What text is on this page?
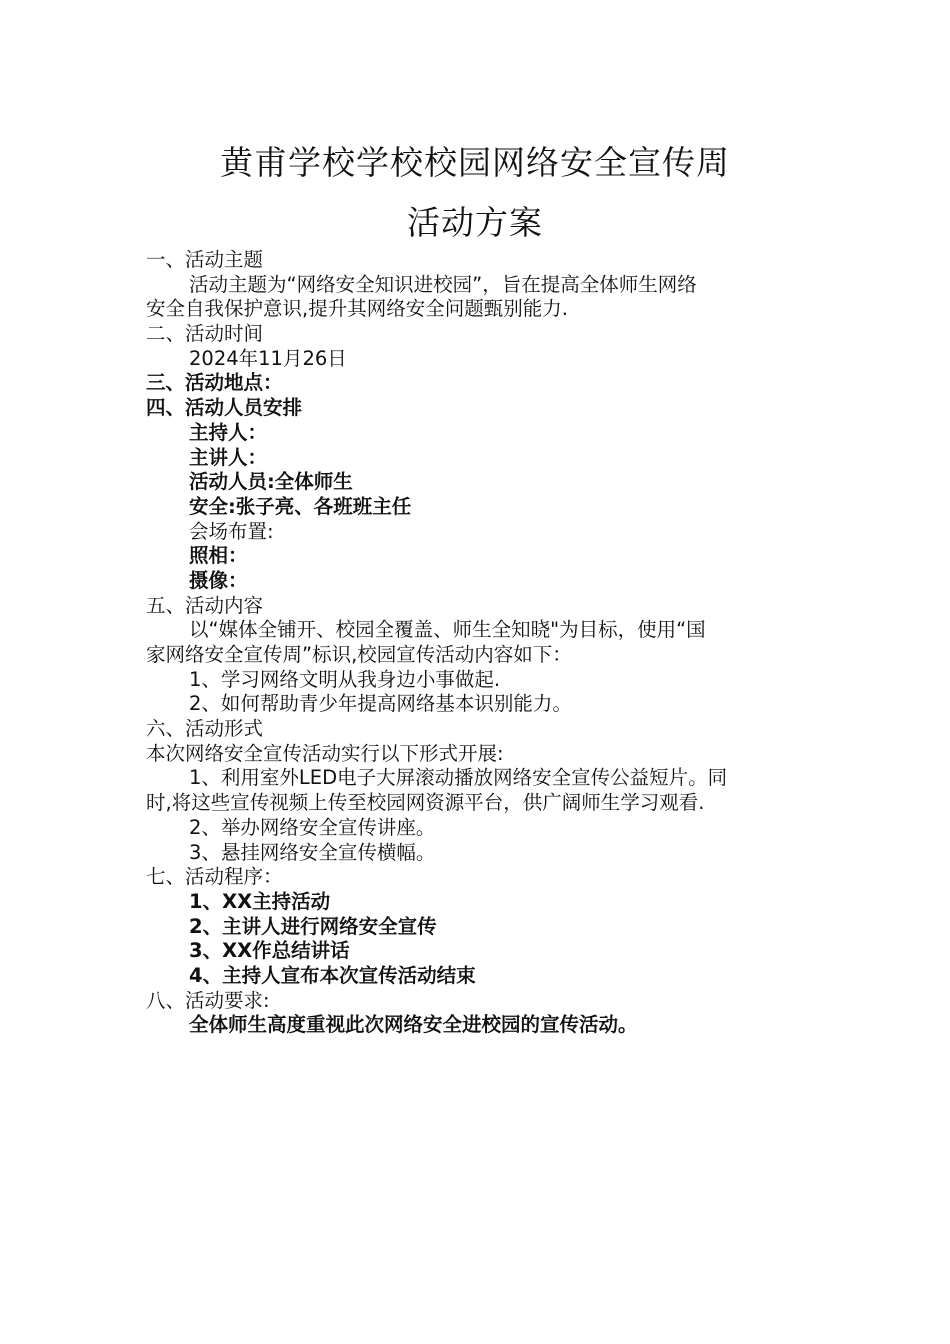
黄甫学校学校校园网络安全宣传周
活动方案
一、活动主题
活动主题为“网络安全知识进校园”，旨在提高全体师生网络
安全自我保护意识,提升其网络安全问题甄别能力.
二、活动时间
2024年11月26日
三、活动地点：
四、活动人员安排
主持人：
主讲人：
活动人员:全体师生
安全:张子亮、各班班主任
会场布置:
照相：
摄像：
五、活动内容
以“媒体全铺开、校园全覆盖、师生全知晓"为目标，使用“国
家网络安全宣传周”标识,校园宣传活动内容如下：
1、学习网络文明从我身边小事做起.
2、如何帮助青少年提高网络基本识别能力。
六、活动形式
本次网络安全宣传活动实行以下形式开展:
1、利用室外LED电子大屏滚动播放网络安全宣传公益短片。同
时,将这些宣传视频上传至校园网资源平台，供广阔师生学习观看.
2、举办网络安全宣传讲座。
3、悬挂网络安全宣传横幅。
七、活动程序：
1、XX主持活动
2、主讲人进行网络安全宣传
3、XX作总结讲话
4、主持人宣布本次宣传活动结束
八、活动要求:
全体师生高度重视此次网络安全进校园的宣传活动。
